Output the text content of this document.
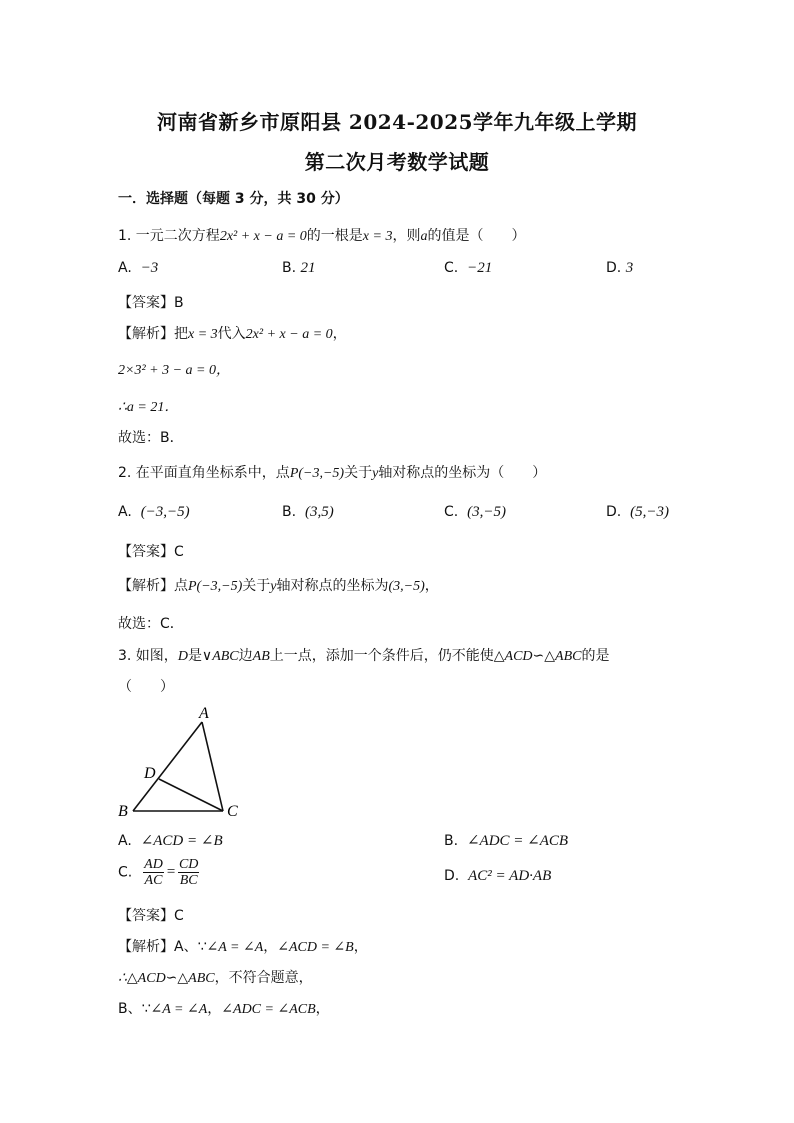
河南省新乡市原阳县 2024-2025学年九年级上学期
第二次月考数学试题
一．选择题（每题 3 分，共 30 分）
1. 一元二次方程2x² + x − a = 0的一根是x = 3，则a的值是（　　）
A. −3	B. 21	C. −21	D. 3
【答案】B
【解析】把x = 3代入2x² + x − a = 0，
2×3² + 3 − a = 0，
∴a = 21．
故选：B．
2. 在平面直角坐标系中，点P(−3,−5)关于y轴对称点的坐标为（　　）
A. (−3,−5)	B. (3,5)	C. (3,−5)	D. (5,−3)
【答案】C
【解析】点P(−3,−5)关于y轴对称点的坐标为(3,−5)，
故选：C．
3. 如图，D是∨ABC边AB上一点，添加一个条件后，仍不能使△ACD∽△ABC的是
（　　）
A
B	C
D
A. ∠ACD = ∠B	B. ∠ADC = ∠ACB
C. $\frac{AD}{AC} = \frac{CD}{BC}$	D. AC² = AD·AB
【答案】C
【解析】A、∵∠A = ∠A，∠ACD = ∠B，
∴△ACD∽△ABC，不符合题意，
B、∵∠A = ∠A，∠ADC = ∠ACB，
